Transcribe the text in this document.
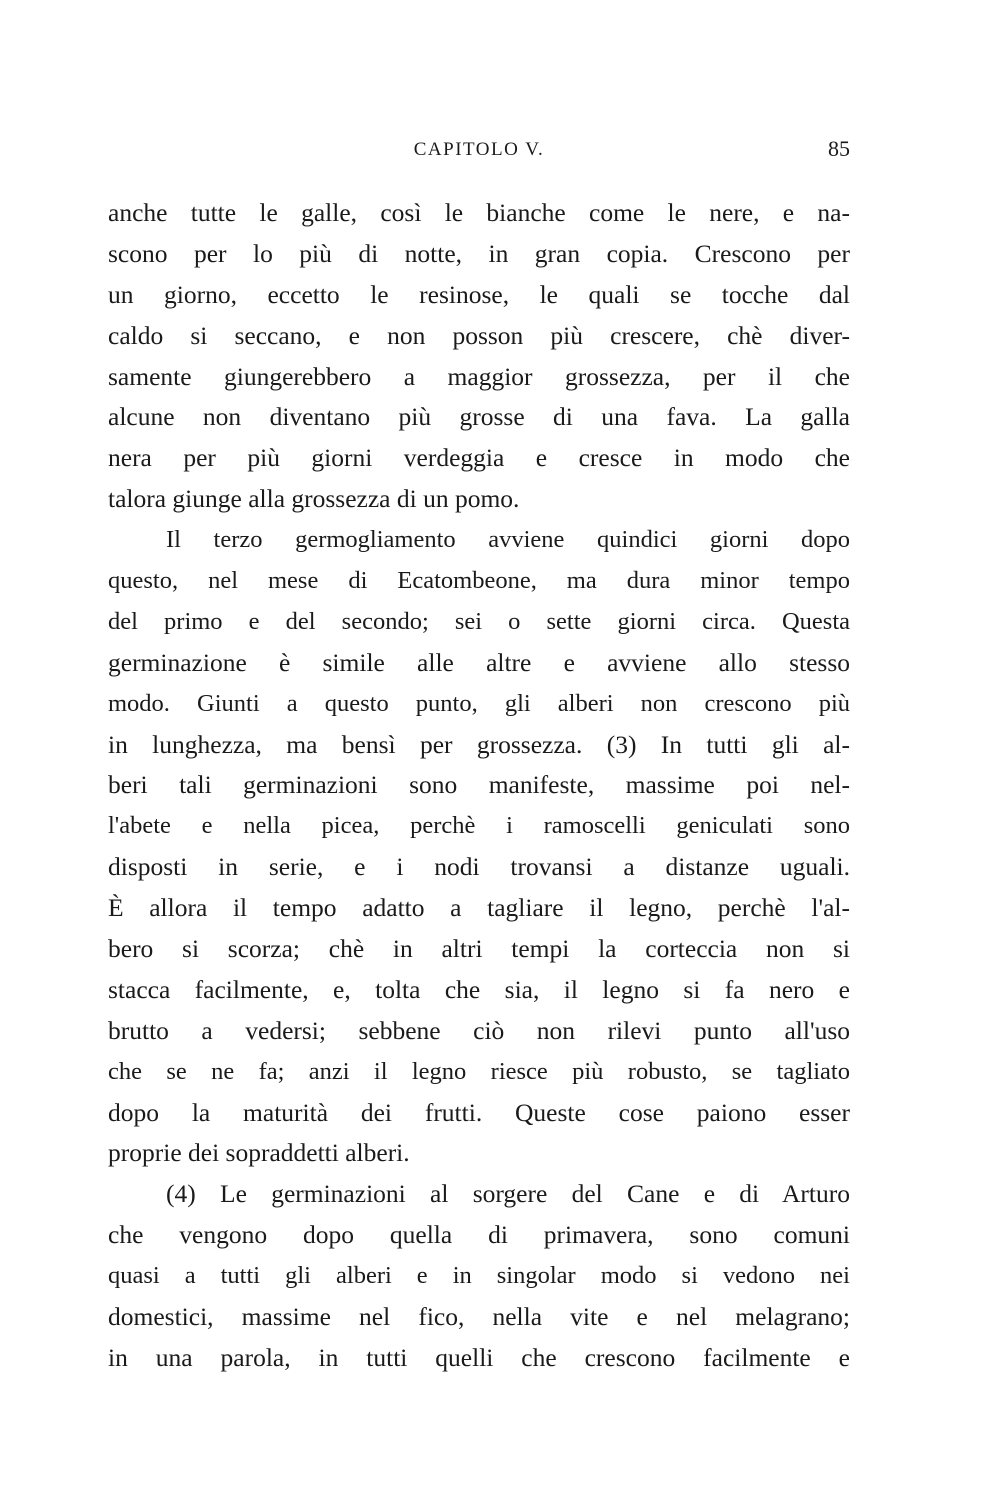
CAPITOLO V.	85
anche tutte le galle, così le bianche come le nere, e na-
scono per lo più di notte, in gran copia. Crescono per
un giorno, eccetto le resinose, le quali se tocche dal
caldo si seccano, e non posson più crescere, chè diver-
samente giungerebbero a maggior grossezza, per il che
alcune non diventano più grosse di una fava. La galla
nera per più giorni verdeggia e cresce in modo che
talora giunge alla grossezza di un pomo.
Il terzo germogliamento avviene quindici giorni dopo
questo, nel mese di Ecatombeone, ma dura minor tempo
del primo e del secondo; sei o sette giorni circa. Questa
germinazione è simile alle altre e avviene allo stesso
modo. Giunti a questo punto, gli alberi non crescono più
in lunghezza, ma bensì per grossezza. (3) In tutti gli al-
beri tali germinazioni sono manifeste, massime poi nel-
l'abete e nella picea, perchè i ramoscelli geniculati sono
disposti in serie, e i nodi trovansi a distanze uguali.
È allora il tempo adatto a tagliare il legno, perchè l'al-
bero si scorza; chè in altri tempi la corteccia non si
stacca facilmente, e, tolta che sia, il legno si fa nero e
brutto a vedersi; sebbene ciò non rilevi punto all'uso
che se ne fa; anzi il legno riesce più robusto, se tagliato
dopo la maturità dei frutti. Queste cose paiono esser
proprie dei sopraddetti alberi.
(4) Le germinazioni al sorgere del Cane e di Arturo
che vengono dopo quella di primavera, sono comuni
quasi a tutti gli alberi e in singolar modo si vedono nei
domestici, massime nel fico, nella vite e nel melagrano;
in una parola, in tutti quelli che crescono facilmente e
